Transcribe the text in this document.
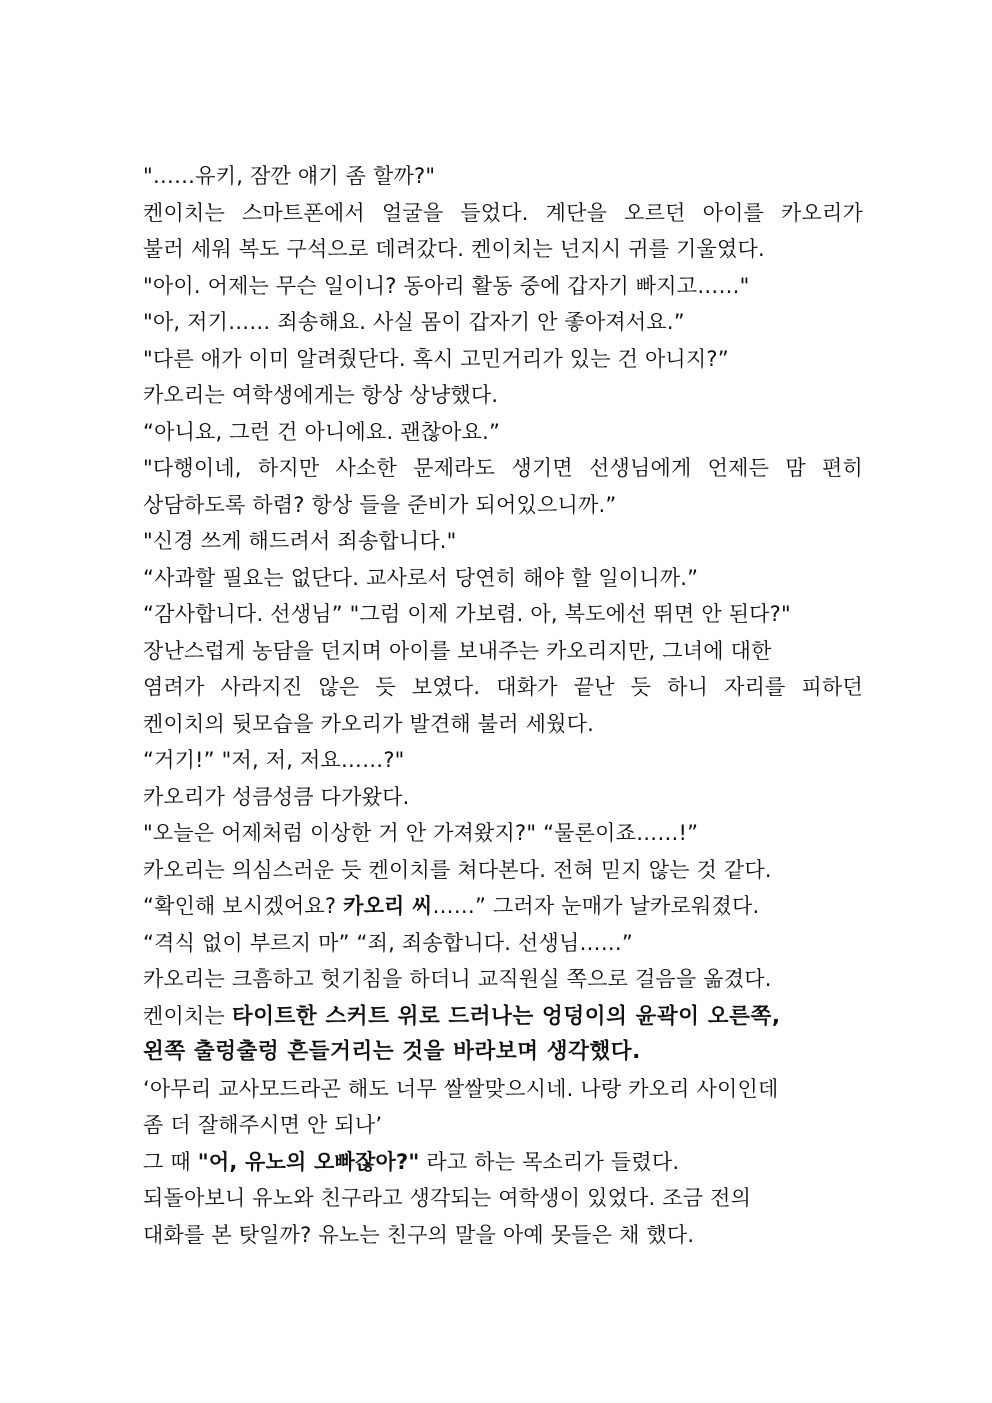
"……유키, 잠깐 얘기 좀 할까?"
켄이치는 스마트폰에서 얼굴을 들었다. 계단을 오르던 아이를 카오리가
불러 세워 복도 구석으로 데려갔다. 켄이치는 넌지시 귀를 기울였다.
"아이. 어제는 무슨 일이니? 동아리 활동 중에 갑자기 빠지고……"
"아, 저기…… 죄송해요. 사실 몸이 갑자기 안 좋아져서요.”
"다른 애가 이미 알려줬단다. 혹시 고민거리가 있는 건 아니지?”
카오리는 여학생에게는 항상 상냥했다.
“아니요, 그런 건 아니에요. 괜찮아요.”
"다행이네, 하지만 사소한 문제라도 생기면 선생님에게 언제든 맘 편히
상담하도록 하렴? 항상 들을 준비가 되어있으니까.”
"신경 쓰게 해드려서 죄송합니다."
“사과할 필요는 없단다. 교사로서 당연히 해야 할 일이니까.”
“감사합니다. 선생님” "그럼 이제 가보렴. 아, 복도에선 뛰면 안 된다?"
장난스럽게 농담을 던지며 아이를 보내주는 카오리지만, 그녀에 대한
염려가 사라지진 않은 듯 보였다. 대화가 끝난 듯 하니 자리를 피하던
켄이치의 뒷모습을 카오리가 발견해 불러 세웠다.
“거기!” "저, 저, 저요……?"
카오리가 성큼성큼 다가왔다.
"오늘은 어제처럼 이상한 거 안 가져왔지?" “물론이죠……!”
카오리는 의심스러운 듯 켄이치를 쳐다본다. 전혀 믿지 않는 것 같다.
“확인해 보시겠어요? 카오리 씨……” 그러자 눈매가 날카로워졌다.
“격식 없이 부르지 마” “죄, 죄송합니다. 선생님……”
카오리는 크흠하고 헛기침을 하더니 교직원실 쪽으로 걸음을 옮겼다.
켄이치는 타이트한 스커트 위로 드러나는 엉덩이의 윤곽이 오른쪽,
왼쪽 출렁출렁 흔들거리는 것을 바라보며 생각했다.
‘아무리 교사모드라곤 해도 너무 쌀쌀맞으시네. 나랑 카오리 사이인데
좀 더 잘해주시면 안 되나’
그 때 "어, 유노의 오빠잖아?" 라고 하는 목소리가 들렸다.
되돌아보니 유노와 친구라고 생각되는 여학생이 있었다. 조금 전의
대화를 본 탓일까? 유노는 친구의 말을 아예 못들은 채 했다.
